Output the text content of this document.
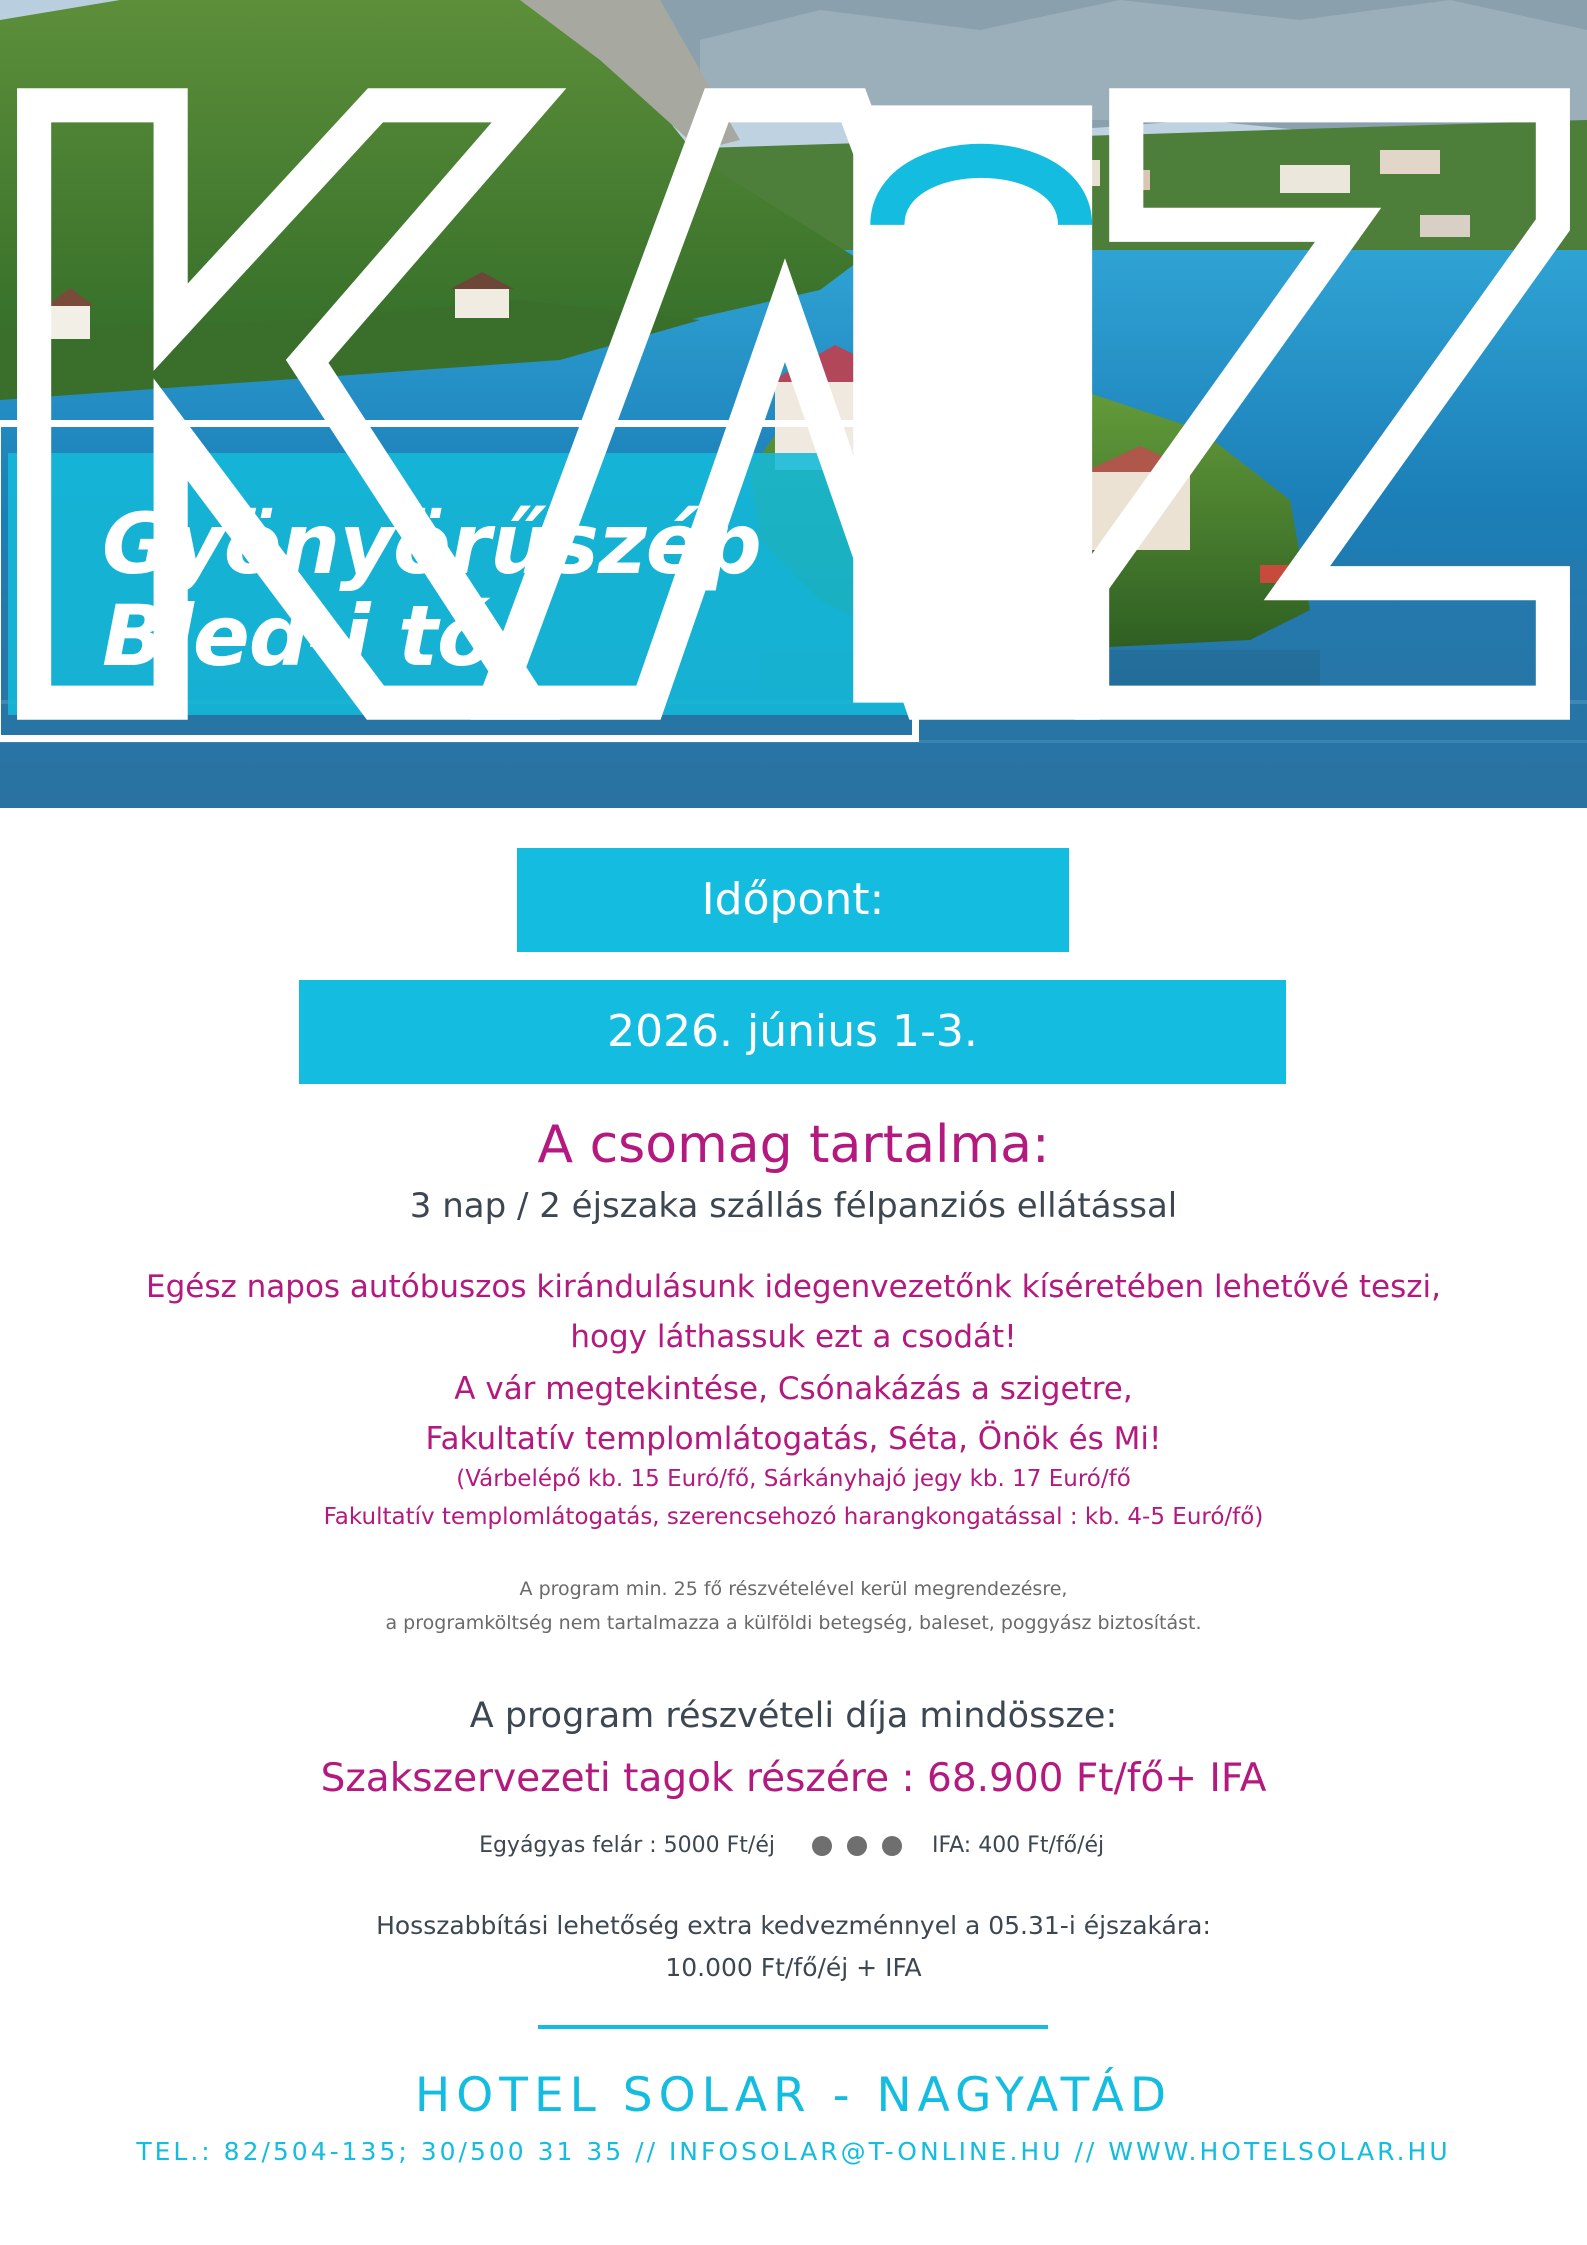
Gyönyörűszép
Bled-i tó
Időpont:
2026. június 1-3.
A csomag tartalma:
3 nap / 2 éjszaka szállás félpanziós ellátással
Egész napos autóbuszos kirándulásunk idegenvezetőnk kíséretében lehetővé teszi,
hogy láthassuk ezt a csodát!
A vár megtekintése, Csónakázás a szigetre,
Fakultatív templomlátogatás, Séta, Önök és Mi!
(Várbelépő kb. 15 Euró/fő, Sárkányhajó jegy kb. 17 Euró/fő
Fakultatív templomlátogatás, szerencsehozó harangkongatással : kb. 4-5 Euró/fő)
A program min. 25 fő részvételével kerül megrendezésre,
a programköltség nem tartalmazza a külföldi betegség, baleset, poggyász biztosítást.
A program részvételi díja mindössze:
Szakszervezeti tagok részére : 68.900 Ft/fő+ IFA
Egyágyas felár : 5000 Ft/éj	IFA: 400 Ft/fő/éj
Hosszabbítási lehetőség extra kedvezménnyel a 05.31-i éjszakára:
10.000 Ft/fő/éj + IFA
HOTEL SOLAR - NAGYATÁD
TEL.: 82/504-135; 30/500 31 35 // INFOSOLAR@T-ONLINE.HU // WWW.HOTELSOLAR.HU
